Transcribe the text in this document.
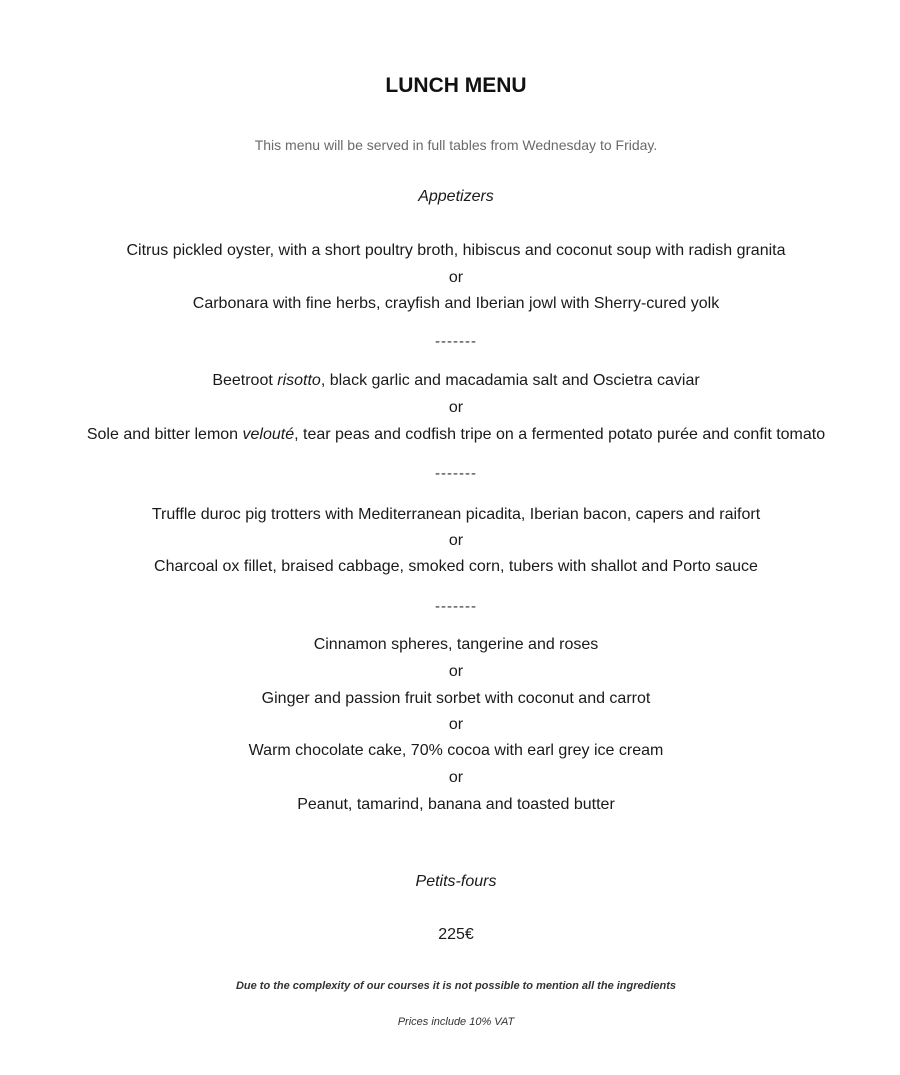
LUNCH MENU
This menu will be served in full tables from Wednesday to Friday.
Appetizers
Citrus pickled oyster, with a short poultry broth, hibiscus and coconut soup with radish granita
or
Carbonara with fine herbs, crayfish and Iberian jowl with Sherry-cured yolk
-------
Beetroot risotto, black garlic and macadamia salt and Oscietra caviar
or
Sole and bitter lemon velouté, tear peas and codfish tripe on a fermented potato purée and confit tomato
-------
Truffle duroc pig trotters with Mediterranean picadita, Iberian bacon, capers and raifort
or
Charcoal ox fillet, braised cabbage, smoked corn, tubers with shallot and Porto sauce
-------
Cinnamon spheres, tangerine and roses
or
Ginger and passion fruit sorbet with coconut and carrot
or
Warm chocolate cake, 70% cocoa with earl grey ice cream
or
Peanut, tamarind, banana and toasted butter
Petits-fours
225€
Due to the complexity of our courses it is not possible to mention all the ingredients
Prices include 10% VAT
